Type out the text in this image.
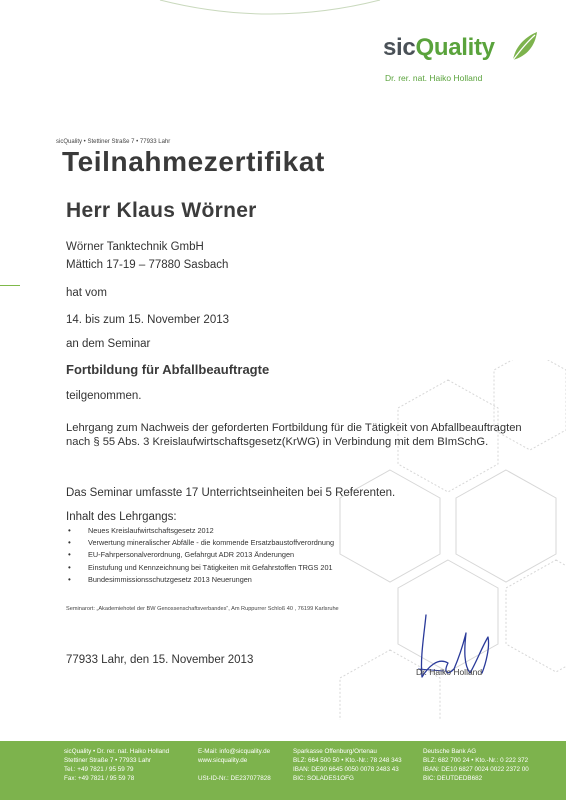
sicQuality
Dr. rer. nat. Haiko Holland
sicQuality • Stettiner Straße 7 • 77933 Lahr
Teilnahmezertifikat
Herr Klaus Wörner
Wörner Tanktechnik GmbH
Mättich 17-19 – 77880 Sasbach
hat vom
14. bis zum 15. November 2013
an dem Seminar
Fortbildung für Abfallbeauftragte
teilgenommen.
Lehrgang zum Nachweis der geforderten Fortbildung für die Tätigkeit von Abfallbeauftragten nach § 55 Abs. 3 Kreislaufwirtschaftsgesetz(KrWG) in Verbindung mit dem BImSchG.
Das Seminar umfasste 17 Unterrichtseinheiten bei 5 Referenten.
Inhalt des Lehrgangs:
• Neues Kreislaufwirtschaftsgesetz 2012
• Verwertung mineralischer Abfälle - die kommende Ersatzbaustoffverordnung
• EU-Fahrpersonalverordnung, Gefahrgut ADR 2013 Änderungen
• Einstufung und Kennzeichnung bei Tätigkeiten mit Gefahrstoffen TRGS 201
• Bundesimmissionsschutzgesetz 2013 Neuerungen
Seminarort: „Akademiehotel der BW Genossenschaftsverbandes“, Am Ruppurrer Schloß 40 , 76199 Karlsruhe
77933 Lahr, den 15. November 2013
Dr. Haiko Holland
sicQuality • Dr. rer. nat. Haiko Holland
Stettiner Straße 7 • 77933 Lahr
Tel.: +49 7821 / 95 59 79
Fax: +49 7821 / 95 59 78
E-Mail: info@sicquality.de
www.sicquality.de
USt-ID-Nr.: DE237077828
Sparkasse Offenburg/Ortenau
BLZ: 664 500 50 • Kto.-Nr.: 78 248 343
IBAN: DE90 6645 0050 0078 2483 43
BIC: SOLADES1OFG
Deutsche Bank AG
BLZ: 682 700 24 • Kto.-Nr.: 0 222 372
IBAN: DE10 6827 0024 0022 2372 00
BIC: DEUTDEDB682
